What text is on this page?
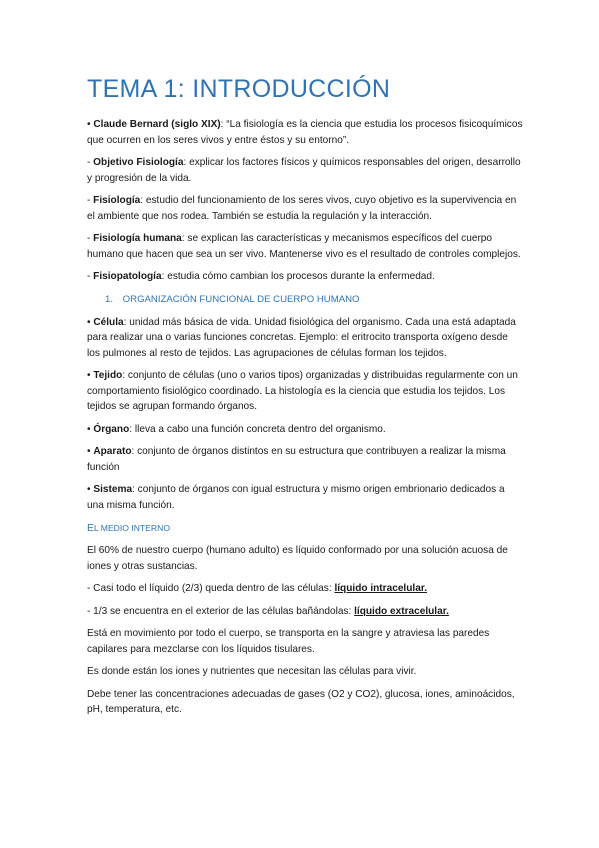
TEMA 1: INTRODUCCIÓN

• Claude Bernard (siglo XIX): “La fisiología es la ciencia que estudia los procesos fisicoquímicos que ocurren en los seres vivos y entre éstos y su entorno”.

- Objetivo Fisiología: explicar los factores físicos y químicos responsables del origen, desarrollo y progresión de la vida.

- Fisiología: estudio del funcionamiento de los seres vivos, cuyo objetivo es la supervivencia en el ambiente que nos rodea. También se estudia la regulación y la interacción.

- Fisiología humana: se explican las características y mecanismos específicos del cuerpo humano que hacen que sea un ser vivo. Mantenerse vivo es el resultado de controles complejos.

- Fisiopatología: estudia cómo cambian los procesos durante la enfermedad.

1. ORGANIZACIÓN FUNCIONAL DE CUERPO HUMANO

• Célula: unidad más básica de vida. Unidad fisiológica del organismo. Cada una está adaptada para realizar una o varias funciones concretas. Ejemplo: el eritrocito transporta oxígeno desde los pulmones al resto de tejidos. Las agrupaciones de células forman los tejidos.

• Tejido: conjunto de células (uno o varios tipos) organizadas y distribuidas regularmente con un comportamiento fisiológico coordinado. La histología es la ciencia que estudia los tejidos. Los tejidos se agrupan formando órganos.

• Órgano: lleva a cabo una función concreta dentro del organismo.

• Aparato: conjunto de órganos distintos en su estructura que contribuyen a realizar la misma función

• Sistema: conjunto de órganos con igual estructura y mismo origen embrionario dedicados a una misma función.

EL MEDIO INTERNO

El 60% de nuestro cuerpo (humano adulto) es líquido conformado por una solución acuosa de iones y otras sustancias.

- Casi todo el líquido (2/3) queda dentro de las células: líquido intracelular.

- 1/3 se encuentra en el exterior de las células bañándolas: líquido extracelular.

Está en movimiento por todo el cuerpo, se transporta en la sangre y atraviesa las paredes capilares para mezclarse con los líquidos tisulares.

Es donde están los iones y nutrientes que necesitan las células para vivir.

Debe tener las concentraciones adecuadas de gases (O2 y CO2), glucosa, iones, aminoácidos, pH, temperatura, etc.
